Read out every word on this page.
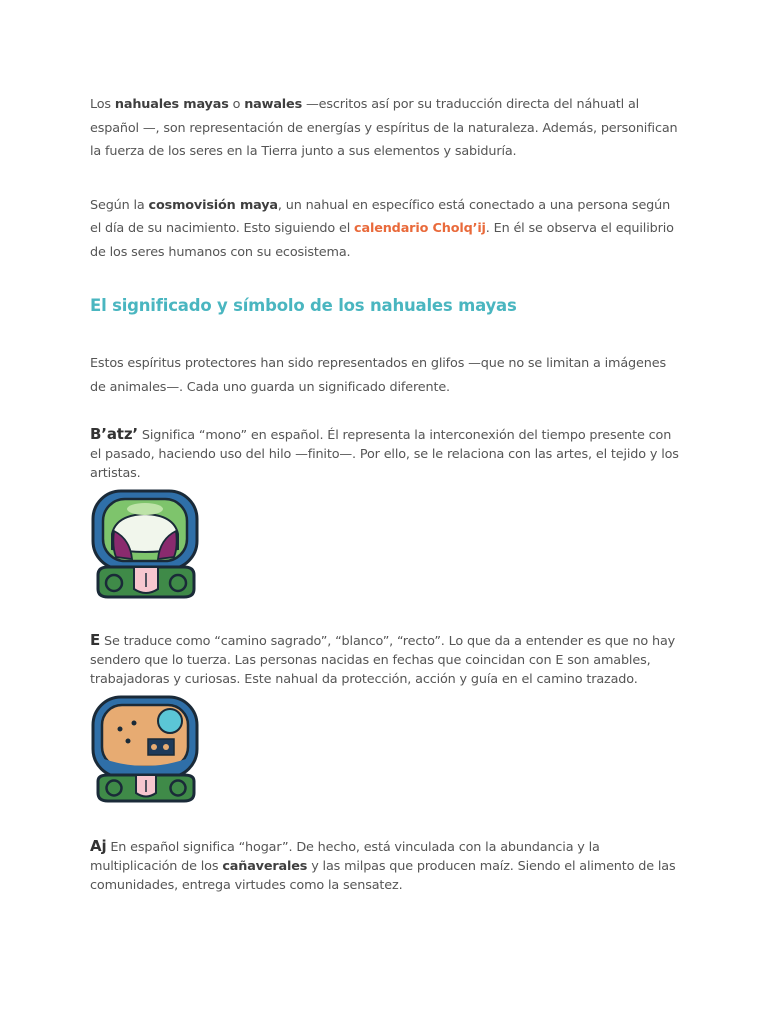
Los nahuales mayas o nawales —escritos así por su traducción directa del náhuatl al español —, son representación de energías y espíritus de la naturaleza. Además, personifican la fuerza de los seres en la Tierra junto a sus elementos y sabiduría.

Según la cosmovisión maya, un nahual en específico está conectado a una persona según el día de su nacimiento. Esto siguiendo el calendario Cholq’ij. En él se observa el equilibrio de los seres humanos con su ecosistema.

El significado y símbolo de los nahuales mayas

Estos espíritus protectores han sido representados en glifos —que no se limitan a imágenes de animales—. Cada uno guarda un significado diferente.

B’atz’ Significa “mono” en español. Él representa la interconexión del tiempo presente con el pasado, haciendo uso del hilo —finito—. Por ello, se le relaciona con las artes, el tejido y los artistas.

E Se traduce como “camino sagrado”, “blanco”, “recto”. Lo que da a entender es que no hay sendero que lo tuerza. Las personas nacidas en fechas que coincidan con E son amables, trabajadoras y curiosas. Este nahual da protección, acción y guía en el camino trazado.

Aj En español significa “hogar”. De hecho, está vinculada con la abundancia y la multiplicación de los cañaverales y las milpas que producen maíz. Siendo el alimento de las comunidades, entrega virtudes como la sensatez.
